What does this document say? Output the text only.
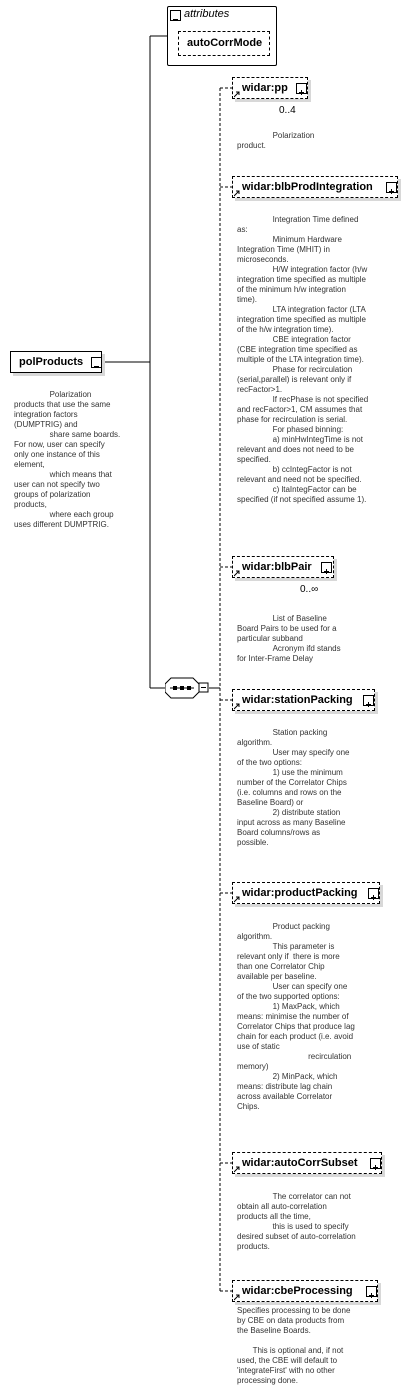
attributes
autoCorrMode
polProducts
Polarization
products that use the same
integration factors
(DUMPTRIG) and
share same boards.
For now, user can specify
only one instance of this
element,
which means that
user can not specify two
groups of polarization
products,
where each group
uses different DUMPTRIG.
widar:pp
0..4
Polarization
product.
widar:blbProdIntegration
Integration Time defined
as:
Minimum Hardware
Integration Time (MHIT) in
microseconds.
H/W integration factor (h/w
integration time specified as multiple
of the minimum h/w integration
time).
LTA integration factor (LTA
integration time specified as multiple
of the h/w integration time).
CBE integration factor
(CBE integration time specified as
multiple of the LTA integration time).
Phase for recirculation
(serial,parallel) is relevant only if
recFactor>1.
If recPhase is not specified
and recFactor>1, CM assumes that
phase for recirculation is serial.
For phased binning:
a) minHwIntegTime is not
relevant and does not need to be
specified.
b) ccIntegFactor is not
relevant and need not be specified.
c) ltaIntegFactor can be
specified (if not specified assume 1).
widar:blbPair
0..∞
List of Baseline
Board Pairs to be used for a
particular subband
Acronym ifd stands
for Inter-Frame Delay
widar:stationPacking
Station packing
algorithm.
User may specify one
of the two options:
1) use the minimum
number of the Correlator Chips
(i.e. columns and rows on the
Baseline Board) or
2) distribute station
input across as many Baseline
Board columns/rows as
possible.
widar:productPacking
Product packing
algorithm.
This parameter is
relevant only if  there is more
than one Correlator Chip
available per baseline.
User can specify one
of the two supported options:
1) MaxPack, which
means: minimise the number of
Correlator Chips that produce lag
chain for each product (i.e. avoid
use of static
recirculation
memory)
2) MinPack, which
means: distribute lag chain
across available Correlator
Chips.
widar:autoCorrSubset
The correlator can not
obtain all auto-correlation
products all the time,
this is used to specify
desired subset of auto-correlation
products.
widar:cbeProcessing
Specifies processing to be done
by CBE on data products from
the Baseline Boards.

This is optional and, if not
used, the CBE will default to
'integrateFirst' with no other
processing done.
